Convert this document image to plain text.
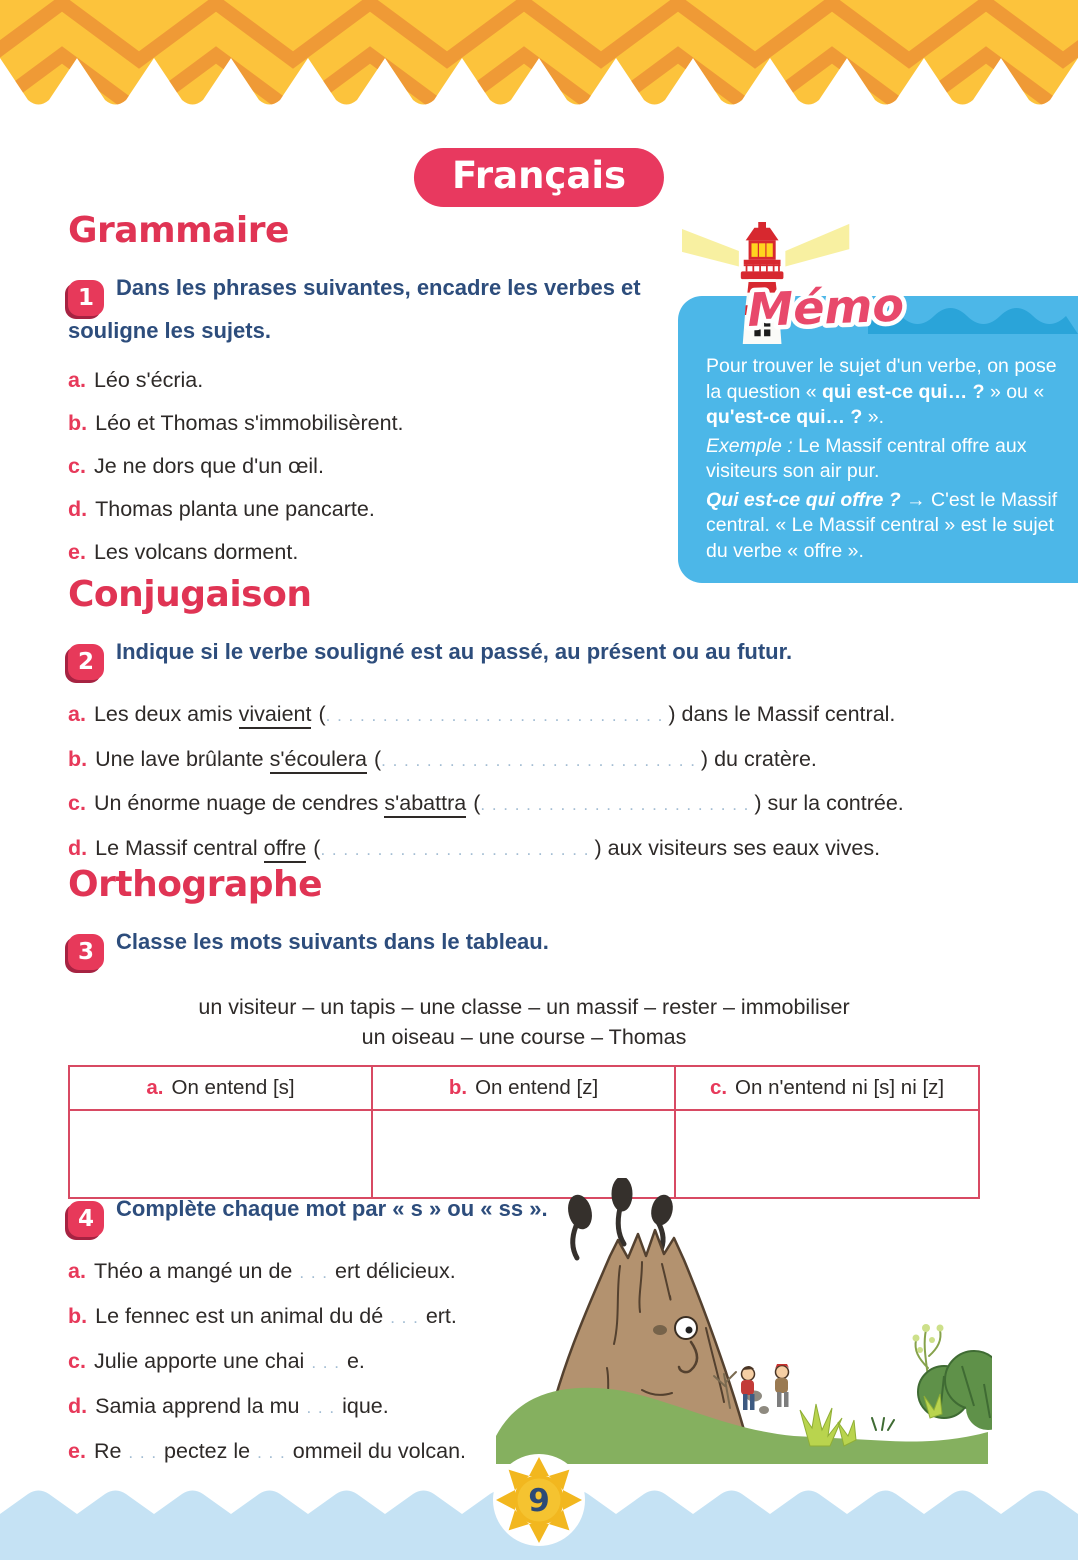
Français
Grammaire

1 Dans les phrases suivantes, encadre les verbes et souligne les sujets.

a. Léo s'écria.
b. Léo et Thomas s'immobilisèrent.
c. Je ne dors que d'un œil.
d. Thomas planta une pancarte.
e. Les volcans dorment.
Mémo

Pour trouver le sujet d'un verbe, on pose la question « qui est-ce qui… ? » ou « qu'est-ce qui… ? ».

Exemple : Le Massif central offre aux visiteurs son air pur.

Qui est-ce qui offre ? → C'est le Massif central. « Le Massif central » est le sujet du verbe « offre ».

Conjugaison

2 Indique si le verbe souligné est au passé, au présent ou au futur.

a. Les deux amis vivaient (. . . . . . . . . . . . . . . . . . . . . . . . . . . . . . ) dans le Massif central.
b. Une lave brûlante s'écoulera (. . . . . . . . . . . . . . . . . . . . . . . . . . . . ) du cratère.
c. Un énorme nuage de cendres s'abattra (. . . . . . . . . . . . . . . . . . . . . . . . ) sur la contrée.
d. Le Massif central offre (. . . . . . . . . . . . . . . . . . . . . . . . ) aux visiteurs ses eaux vives.
Orthographe

3 Classe les mots suivants dans le tableau.

un visiteur – un tapis – une classe – un massif – rester – immobiliser
un oiseau – une course – Thomas
a. On entend [s]	b. On entend [z]	c. On n'entend ni [s] ni [z]

4 Complète chaque mot par « s » ou « ss ».

a. Théo a mangé un de . . . ert délicieux.
b. Le fennec est un animal du dé . . . ert.
c. Julie apporte une chai . . . e.
d. Samia apprend la mu . . . ique.
e. Re . . . pectez le . . . ommeil du volcan.
9
